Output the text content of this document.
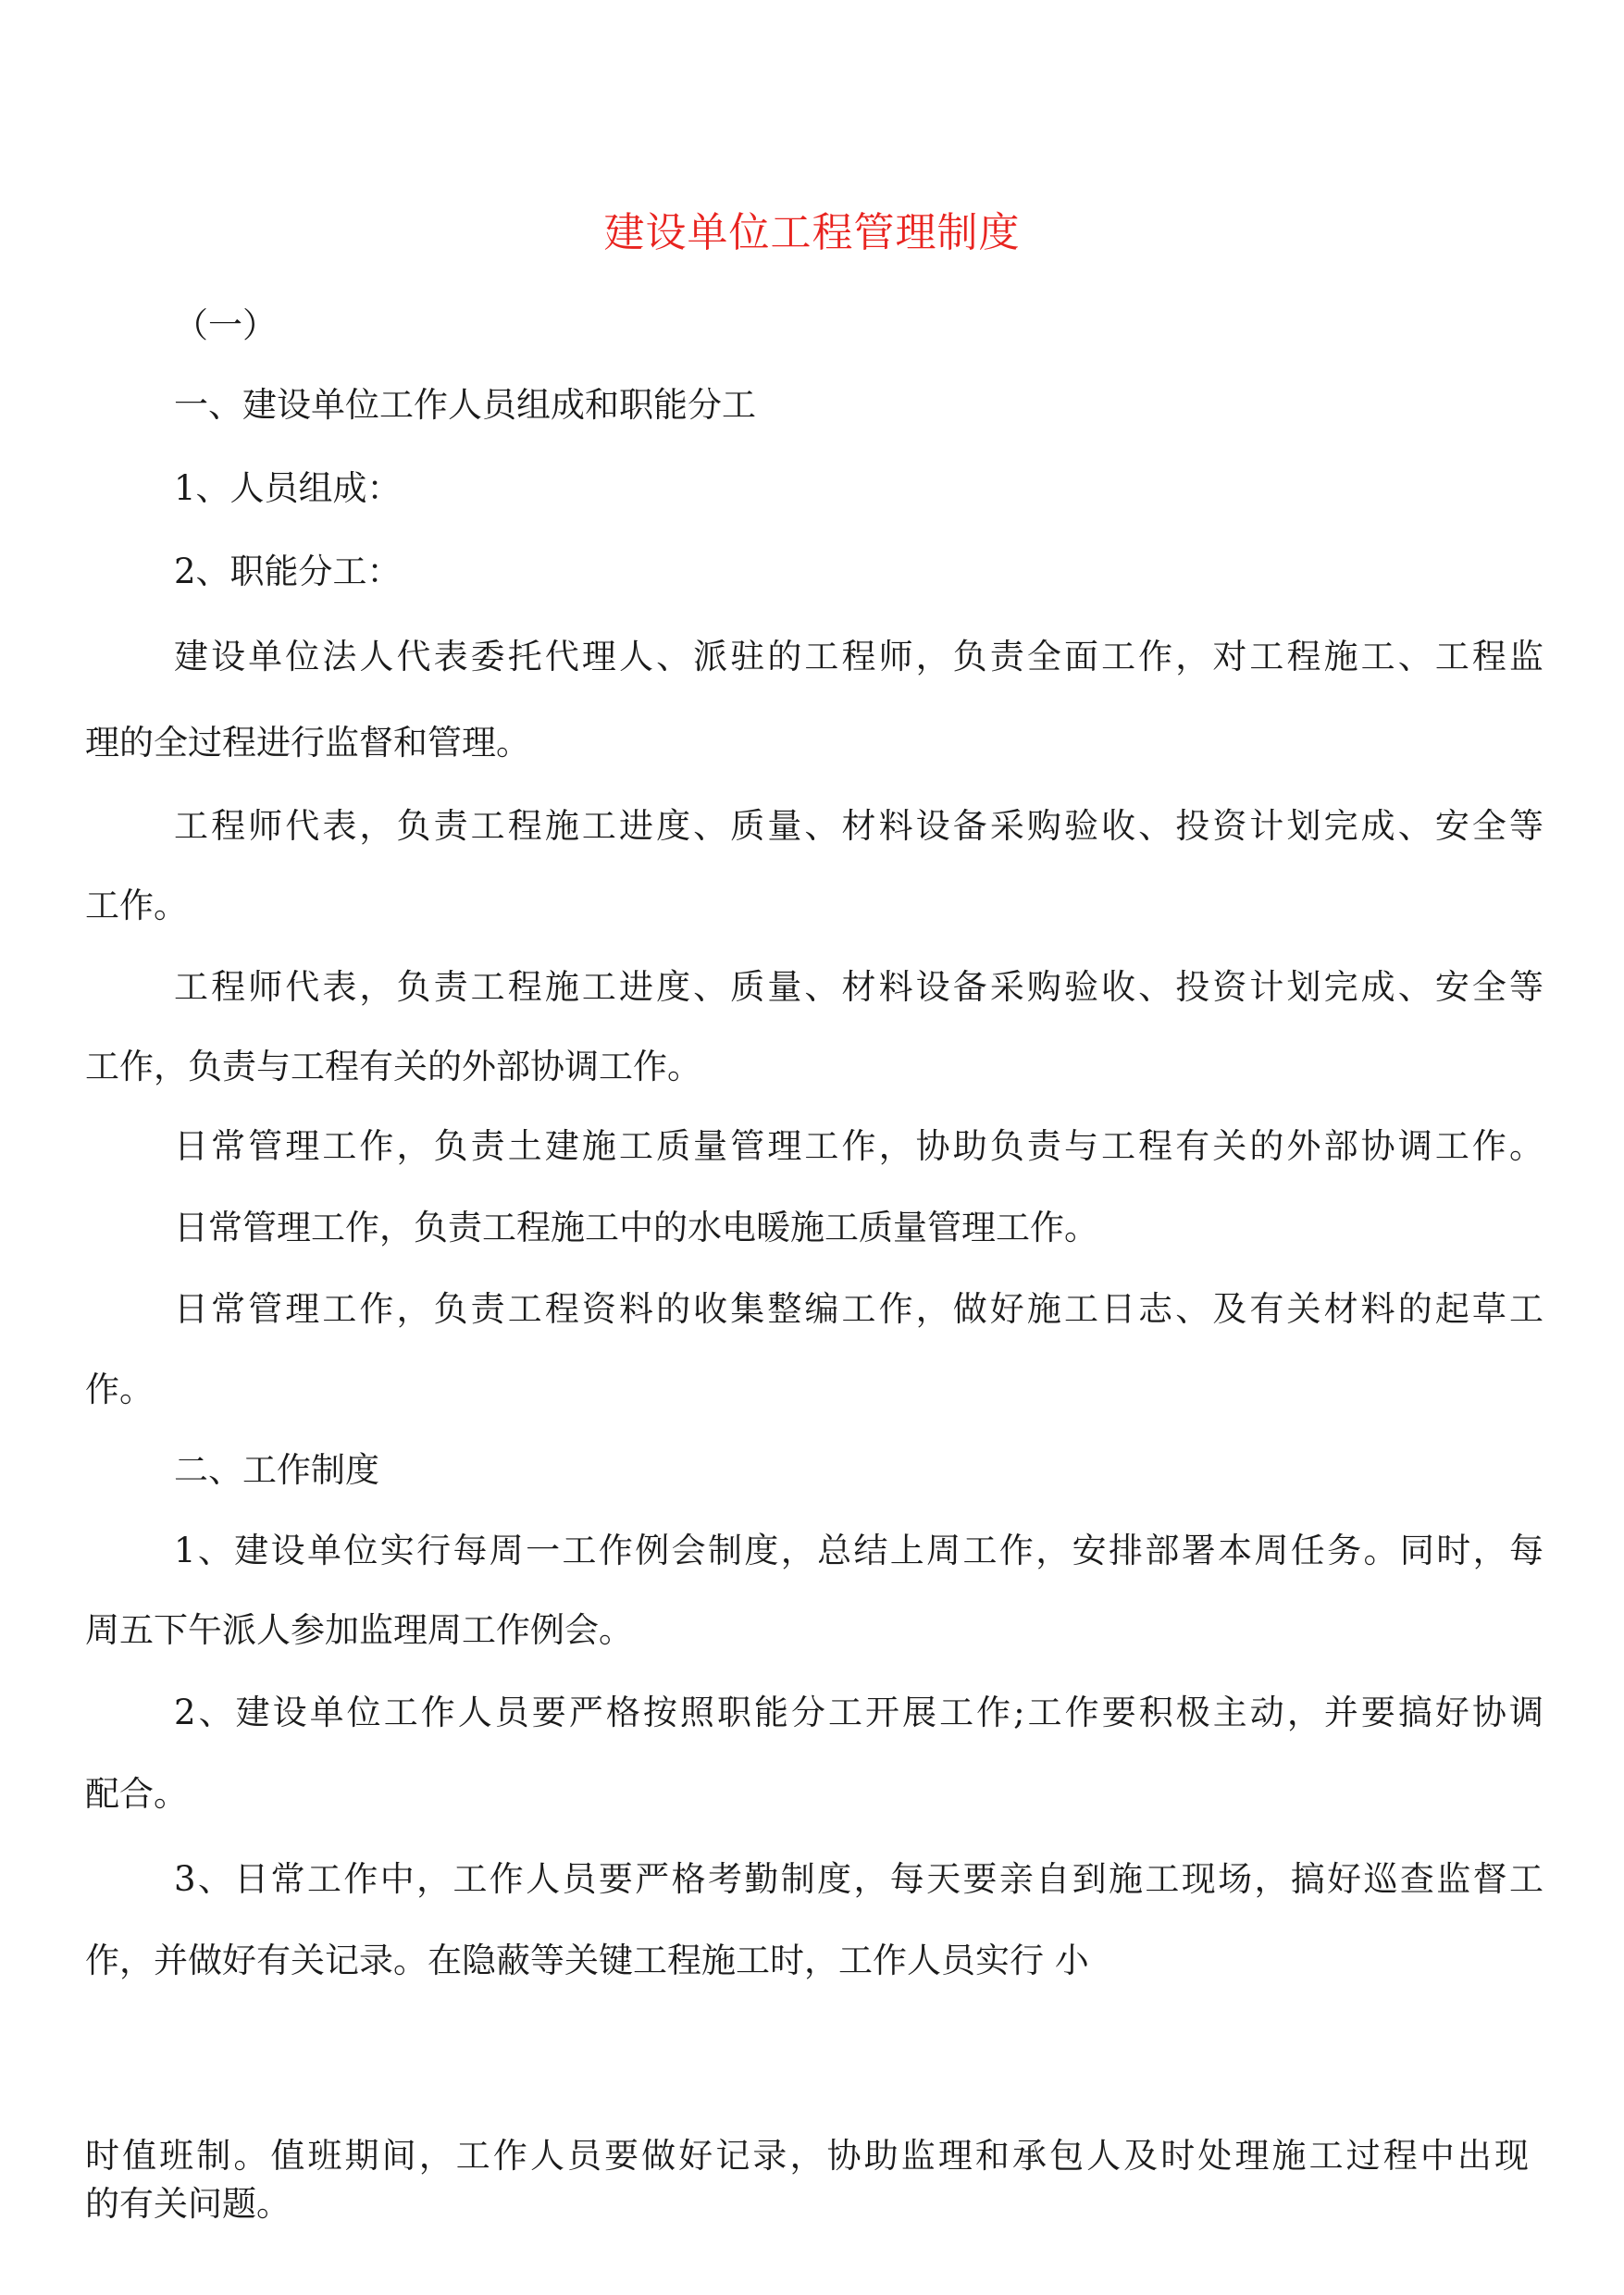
建设单位工程管理制度
（一）
一、建设单位工作人员组成和职能分工
1、人员组成：
2、职能分工：
建设单位法人代表委托代理人、派驻的工程师，负责全面工作，对工程施工、工程监
理的全过程进行监督和管理。
工程师代表，负责工程施工进度、质量、材料设备采购验收、投资计划完成、安全等
工作。
工程师代表，负责工程施工进度、质量、材料设备采购验收、投资计划完成、安全等
工作，负责与工程有关的外部协调工作。
日常管理工作，负责土建施工质量管理工作，协助负责与工程有关的外部协调工作。
日常管理工作，负责工程施工中的水电暖施工质量管理工作。
日常管理工作，负责工程资料的收集整编工作，做好施工日志、及有关材料的起草工
作。
二、工作制度
1、建设单位实行每周一工作例会制度，总结上周工作，安排部署本周任务。同时，每
周五下午派人参加监理周工作例会。
2、建设单位工作人员要严格按照职能分工开展工作;工作要积极主动，并要搞好协调
配合。
3、日常工作中，工作人员要严格考勤制度，每天要亲自到施工现场，搞好巡查监督工
作，并做好有关记录。在隐蔽等关键工程施工时，工作人员实行 小
时值班制。值班期间，工作人员要做好记录，协助监理和承包人及时处理施工过程中出现
的有关问题。
